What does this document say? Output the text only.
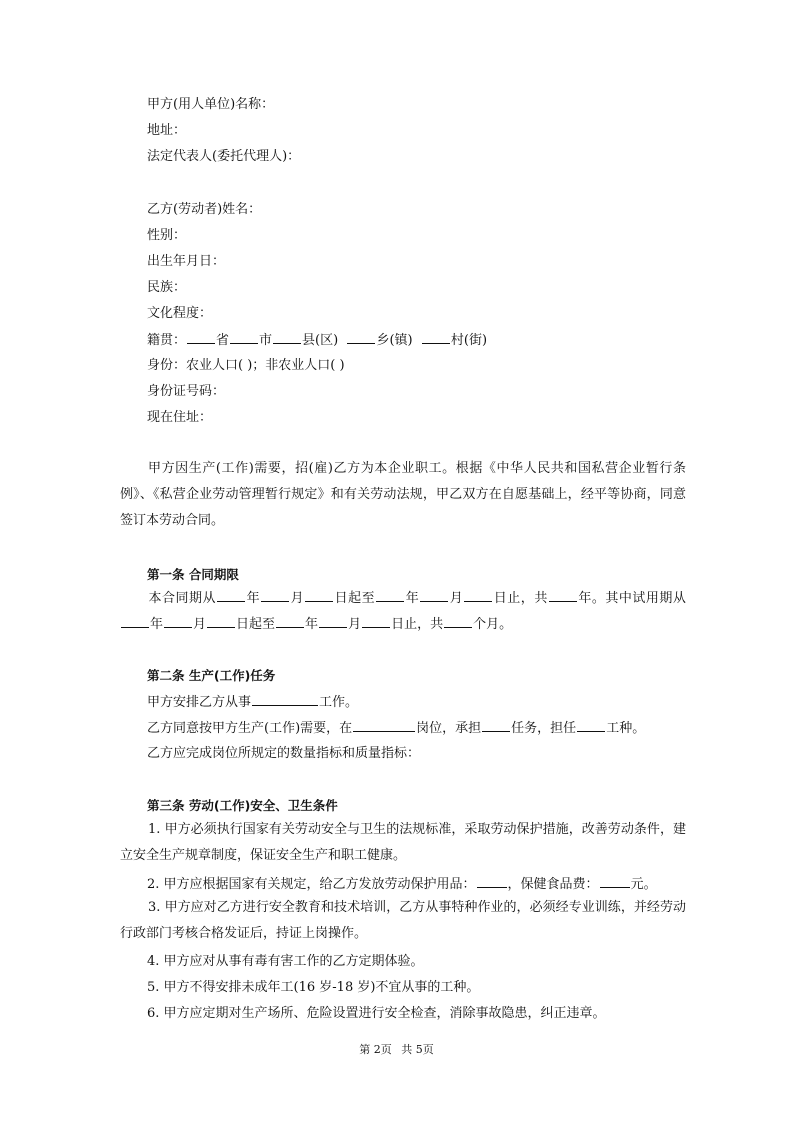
甲方(用人单位)名称：
地址：
法定代表人(委托代理人)：
乙方(劳动者)姓名：
性别：
出生年月日：
民族：
文化程度：
籍贯： 省 市 县(区)	乡(镇)	村(街)
身份：农业人口( )；非农业人口( )
身份证号码：
现在住址：
甲方因生产(工作)需要，招(雇)乙方为本企业职工。根据《中华人民共和国私营企业暂行条例》、《私营企业劳动管理暂行规定》和有关劳动法规，甲乙双方在自愿基础上，经平等协商，同意签订本劳动合同。
第一条 合同期限
本合同期从 年 月 日起至 年 月 日止，共 年。其中试用期从年 月 日起至 年 月 日止，共 个月。
第二条 生产(工作)任务
甲方安排乙方从事	工作。
乙方同意按甲方生产(工作)需要，在	岗位，承担 任务，担任 工种。
乙方应完成岗位所规定的数量指标和质量指标：
第三条 劳动(工作)安全、卫生条件
1. 甲方必须执行国家有关劳动安全与卫生的法规标准，采取劳动保护措施，改善劳动条件，建立安全生产规章制度，保证安全生产和职工健康。
2. 甲方应根据国家有关规定，给乙方发放劳动保护用品： ，保健食品费： 元。
3. 甲方应对乙方进行安全教育和技术培训，乙方从事特种作业的，必须经专业训练，并经劳动行政部门考核合格发证后，持证上岗操作。
4. 甲方应对从事有毒有害工作的乙方定期体验。
5. 甲方不得安排未成年工(16 岁-18 岁)不宜从事的工种。
6. 甲方应定期对生产场所、危险设置进行安全检查，消除事故隐患，纠正违章。
第 2页 共 5页
